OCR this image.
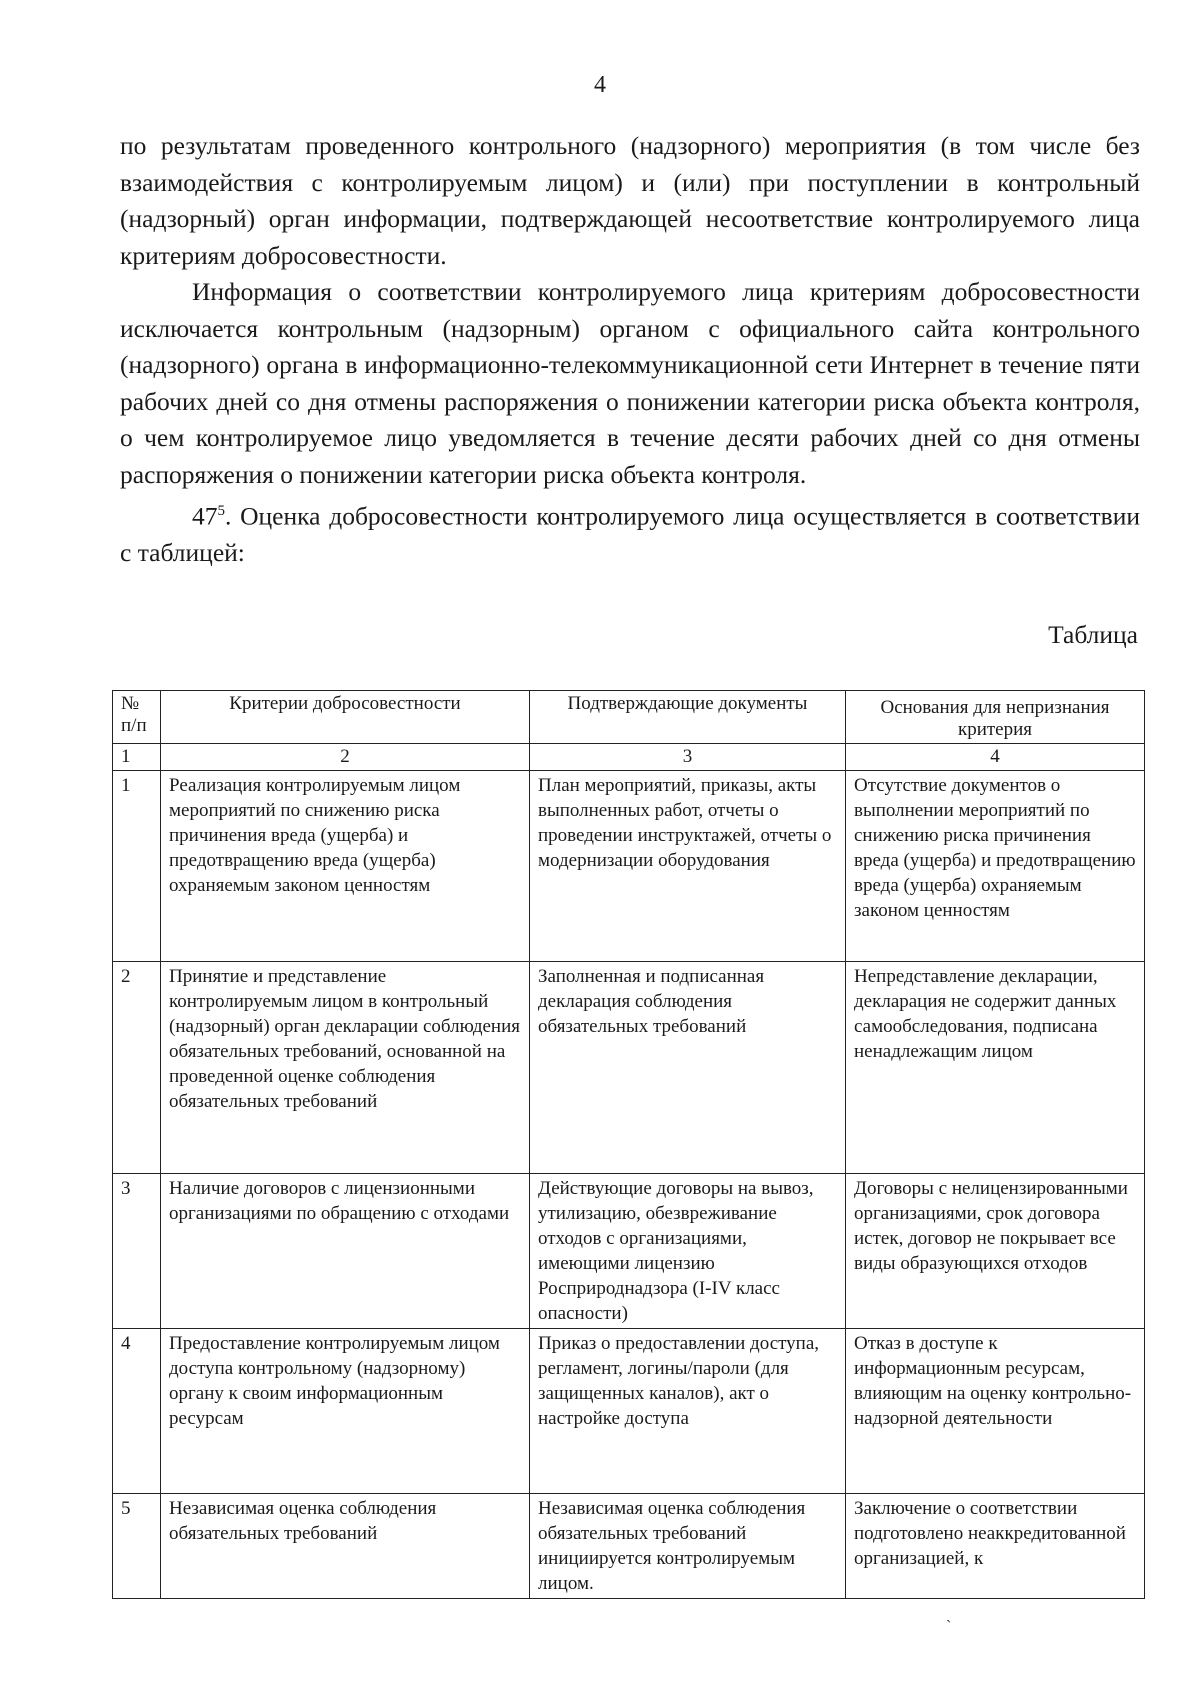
4

по результатам проведенного контрольного (надзорного) мероприятия (в том числе без взаимодействия с контролируемым лицом) и (или) при поступлении в контрольный (надзорный) орган информации, подтверждающей несоответствие контролируемого лица критериям добросовестности.

Информация о соответствии контролируемого лица критериям добросовестности исключается контрольным (надзорным) органом с официального сайта контрольного (надзорного) органа в информационно-телекоммуникационной сети Интернет в течение пяти рабочих дней со дня отмены распоряжения о понижении категории риска объекта контроля, о чем контролируемое лицо уведомляется в течение десяти рабочих дней со дня отмены распоряжения о понижении категории риска объекта контроля.

$47^5$. Оценка добросовестности контролируемого лица осуществляется в соответствии с таблицей:

Таблица
№ п/п	Критерии добросовестности	Подтверждающие документы	Основания для непризнания критерия
1	2	3	4
1	Реализация контролируемым лицом мероприятий по снижению риска причинения вреда (ущерба) и предотвращению вреда (ущерба) охраняемым законом ценностям	План мероприятий, приказы, акты выполненных работ, отчеты о проведении инструктажей, отчеты о модернизации оборудования	Отсутствие документов о выполнении мероприятий по снижению риска причинения вреда (ущерба) и предотвращению вреда (ущерба) охраняемым законом ценностям
2	Принятие и представление контролируемым лицом в контрольный (надзорный) орган декларации соблюдения обязательных требований, основанной на проведенной оценке соблюдения обязательных требований	Заполненная и подписанная декларация соблюдения обязательных требований	Непредставление декларации, декларация не содержит данных самообследования, подписана ненадлежащим лицом
3	Наличие договоров с лицензионными организациями по обращению с отходами	Действующие договоры на вывоз, утилизацию, обезвреживание отходов с организациями, имеющими лицензию Росприроднадзора (I-IV класс опасности)	Договоры с нелицензированными организациями, срок договора истек, договор не покрывает все виды образующихся отходов
4	Предоставление контролируемым лицом доступа контрольному (надзорному) органу к своим информационным ресурсам	Приказ о предоставлении доступа, регламент, логины/пароли (для защищенных каналов), акт о настройке доступа	Отказ в доступе к информационным ресурсам, влияющим на оценку контрольно-надзорной деятельности
5	Независимая оценка соблюдения обязательных требований	Независимая оценка соблюдения обязательных требований инициируется контролируемым лицом.	Заключение о соответствии подготовлено неаккредитованной организацией, к
ˏ
